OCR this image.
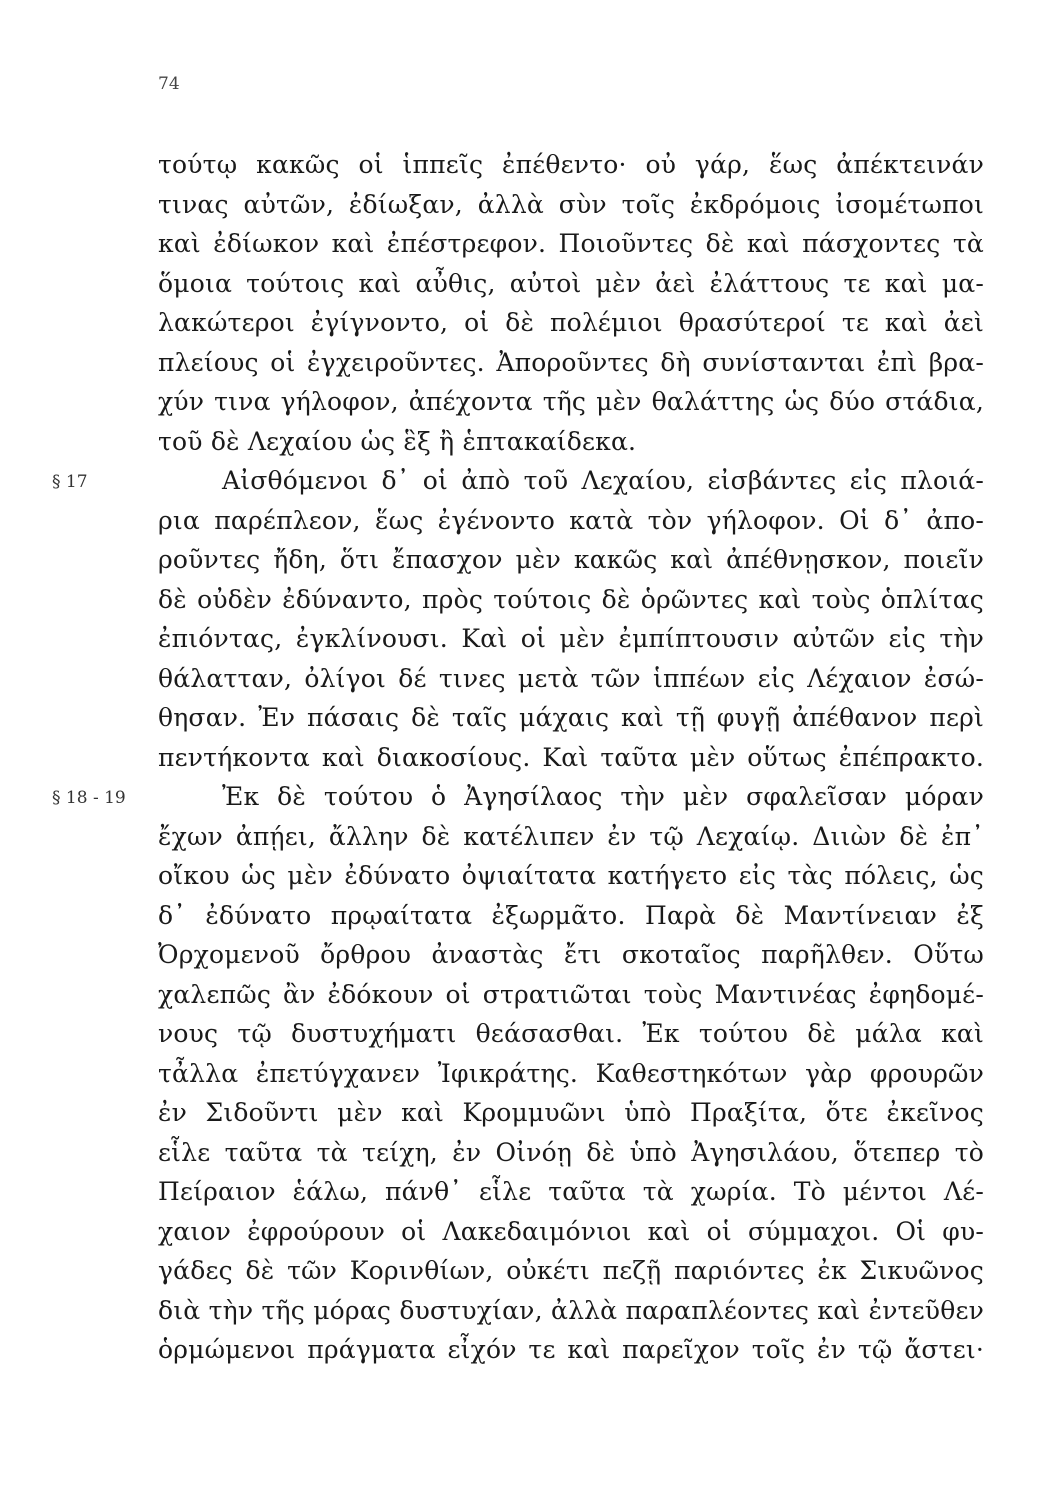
74
τούτῳ κακῶς οἱ ἱππεῖς ἐπέθεντο· οὐ γάρ, ἕως ἀπέκτεινάν
τινας αὐτῶν, ἐδίωξαν, ἀλλὰ σὺν τοῖς ἐκδρόμοις ἰσομέτωποι
καὶ ἐδίωκον καὶ ἐπέστρεφον. Ποιοῦντες δὲ καὶ πάσχοντες τὰ
ὅμοια τούτοις καὶ αὖθις, αὐτοὶ μὲν ἀεὶ ἐλάττους τε καὶ μα-
λακώτεροι ἐγίγνοντο, οἱ δὲ πολέμιοι θρασύτεροί τε καὶ ἀεὶ
πλείους οἱ ἐγχειροῦντες. Ἀποροῦντες δὴ συνίστανται ἐπὶ βρα-
χύν τινα γήλοφον, ἀπέχοντα τῆς μὲν θαλάττης ὡς δύο στάδια,
τοῦ δὲ Λεχαίου ὡς ἓξ ἢ ἑπτακαίδεκα.
§ 17	Αἰσθόμενοι δ᾽ οἱ ἀπὸ τοῦ Λεχαίου, εἰσβάντες εἰς πλοιά-
ρια παρέπλεον, ἕως ἐγένοντο κατὰ τὸν γήλοφον. Οἱ δ᾽ ἀπο-
ροῦντες ἤδη, ὅτι ἔπασχον μὲν κακῶς καὶ ἀπέθνῃσκον, ποιεῖν
δὲ οὐδὲν ἐδύναντο, πρὸς τούτοις δὲ ὁρῶντες καὶ τοὺς ὁπλίτας
ἐπιόντας, ἐγκλίνουσι. Καὶ οἱ μὲν ἐμπίπτουσιν αὐτῶν εἰς τὴν
θάλατταν, ὀλίγοι δέ τινες μετὰ τῶν ἱππέων εἰς Λέχαιον ἐσώ-
θησαν. Ἐν πάσαις δὲ ταῖς μάχαις καὶ τῇ φυγῇ ἀπέθανον περὶ
πεντήκοντα καὶ διακοσίους. Καὶ ταῦτα μὲν οὕτως ἐπέπρακτο.
§ 18 - 19	Ἐκ δὲ τούτου ὁ Ἀγησίλαος τὴν μὲν σφαλεῖσαν μόραν
ἔχων ἀπῄει, ἄλλην δὲ κατέλιπεν ἐν τῷ Λεχαίῳ. Διιὼν δὲ ἐπ᾽
οἴκου ὡς μὲν ἐδύνατο ὀψιαίτατα κατήγετο εἰς τὰς πόλεις, ὡς
δ᾽ ἐδύνατο πρῳαίτατα ἐξωρμᾶτο. Παρὰ δὲ Μαντίνειαν ἐξ
Ὀρχομενοῦ ὄρθρου ἀναστὰς ἔτι σκοταῖος παρῆλθεν. Οὕτω
χαλεπῶς ἂν ἐδόκουν οἱ στρατιῶται τοὺς Μαντινέας ἐφηδομέ-
νους τῷ δυστυχήματι θεάσασθαι. Ἐκ τούτου δὲ μάλα καὶ
τἆλλα ἐπετύγχανεν Ἰφικράτης. Καθεστηκότων γὰρ φρουρῶν
ἐν Σιδοῦντι μὲν καὶ Κρομμυῶνι ὑπὸ Πραξίτα, ὅτε ἐκεῖνος
εἷλε ταῦτα τὰ τείχη, ἐν Οἰνόῃ δὲ ὑπὸ Ἀγησιλάου, ὅτεπερ τὸ
Πείραιον ἑάλω, πάνθ᾽ εἷλε ταῦτα τὰ χωρία. Τὸ μέντοι Λέ-
χαιον ἐφρούρουν οἱ Λακεδαιμόνιοι καὶ οἱ σύμμαχοι. Οἱ φυ-
γάδες δὲ τῶν Κορινθίων, οὐκέτι πεζῇ παριόντες ἐκ Σικυῶνος
διὰ τὴν τῆς μόρας δυστυχίαν, ἀλλὰ παραπλέοντες καὶ ἐντεῦθεν
ὁρμώμενοι πράγματα εἶχόν τε καὶ παρεῖχον τοῖς ἐν τῷ ἄστει·
